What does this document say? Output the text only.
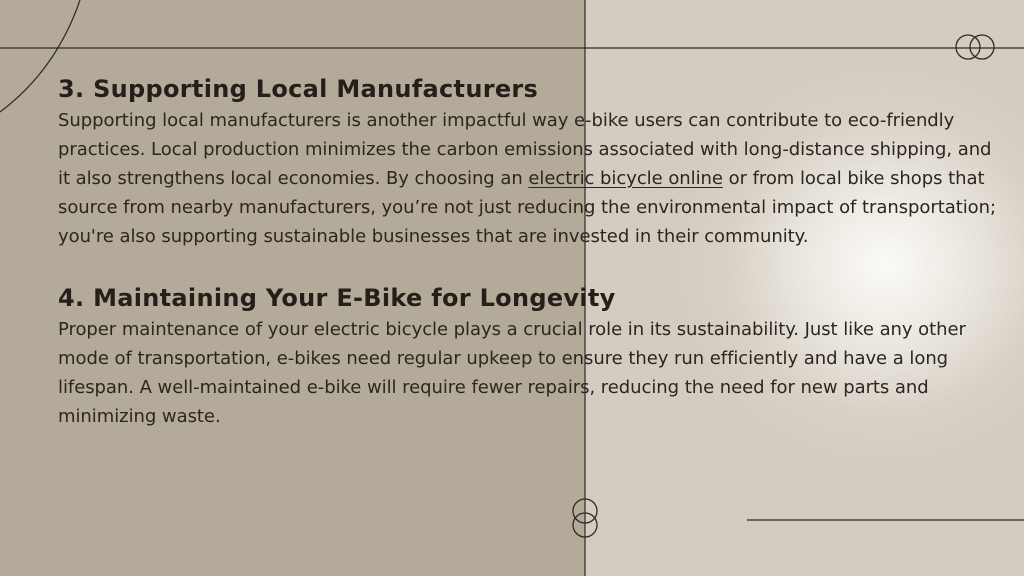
3. Supporting Local Manufacturers

Supporting local manufacturers is another impactful way e-bike users can contribute to eco-friendly practices. Local production minimizes the carbon emissions associated with long-distance shipping, and it also strengthens local economies. By choosing an electric bicycle online or from local bike shops that source from nearby manufacturers, you’re not just reducing the environmental impact of transportation; you're also supporting sustainable businesses that are invested in their community.

4. Maintaining Your E-Bike for Longevity

Proper maintenance of your electric bicycle plays a crucial role in its sustainability. Just like any other mode of transportation, e-bikes need regular upkeep to ensure they run efficiently and have a long lifespan. A well-maintained e-bike will require fewer repairs, reducing the need for new parts and minimizing waste.
